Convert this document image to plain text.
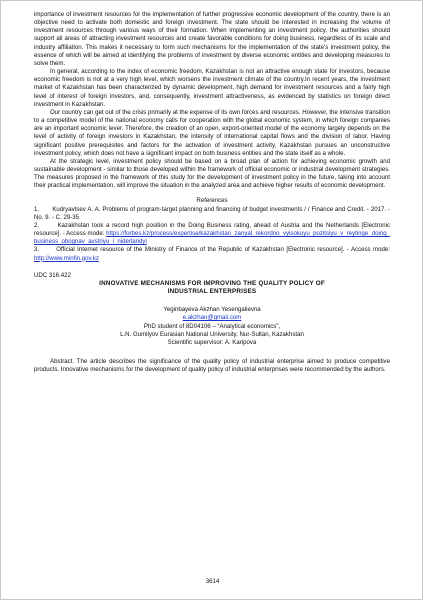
importance of investment resources for the implementation of further progressive economic development of the country, there is an objective need to activate both domestic and foreign investment. The state should be interested in increasing the volume of investment resources through various ways of their formation. When implementing an investment policy, the authorities should support all areas of attracting investment resources and create favorable conditions for doing business, regardless of its scale and industry affiliation. This makes it necessary to form such mechanisms for the implementation of the state's investment policy, the essence of which will be aimed at identifying the problems of investment by diverse economic entities and developing measures to solve them.

In general, according to the index of economic freedom, Kazakhstan is not an attractive enough state for investors, because economic freedom is not at a very high level, which worsens the investment climate of the country.In recent years, the investment market of Kazakhstan has been characterized by dynamic development, high demand for investment resources and a fairly high level of interest of foreign investors, and, consequently, investment attractiveness, as evidenced by statistics on foreign direct investment in Kazakhstan.

Our country can get out of the crisis primarily at the expense of its own forces and resources. However, the intensive transition to a competitive model of the national economy calls for cooperation with the global economic system, in which foreign companies are an important economic lever. Therefore, the creation of an open, export-oriented model of the economy largely depends on the level of activity of foreign investors in Kazakhstan, the intensity of international capital flows and the division of labor. Having significant positive prerequisites and factors for the activation of investment activity, Kazakhstan pursues an unconstructive investment policy, which does not have a significant impact on both business entities and the state itself as a whole.

At the strategic level, investment policy should be based on a broad plan of action for achieving economic growth and sustainable development - similar to those developed within the framework of official economic or industrial development strategies. The measures proposed in the framework of this study for the development of investment policy in the future, taking into account their practical implementation, will improve the situation in the analyzed area and achieve higher results of economic development.

References

1. Kudryavtsev A. A. Problems of program-target planning and financing of budget investments / / Finance and Credit. - 2017. - No. 9. - C. 29-35

2.	Kazakhstan took a record high position in the Doing Business rating, ahead of Austria and the Netherlands [Electronic resource]. - Access mode: https://forbes.kz/process/expertise/kazakhstan_zanyal_rekordno_vyisokuyu_pozitsiyu_v_reytinge_doing_business_obognav_avstriyu_i_niderlandyi

3.	Official Internet resource of the Ministry of Finance of the Republic of Kazakhstan [Electronic resource]. - Access mode: http://www.minfin.gov.kz

UDC 316.422
INNOVATIVE MECHANISMS FOR IMPROVING THE QUALITY POLICY OF
INDUSTRIAL ENTERPRISES
Yeginbayeva Akzhan Yesengalievna
e.akzhan@gmail.com
PhD student of 8D04106 – “Analytical economics”,
L.N. Gumilyov Eurasian National University, Nur-Sultan, Kazakhstan
Scientific supervisor: A. Karipova

Abstract. The article describes the significance of the quality policy of industrial enterprise aimed to produce competitive products. Innovative mechanisms for the development of quality policy of industrial enterprises were recommended by the authors.

3614
